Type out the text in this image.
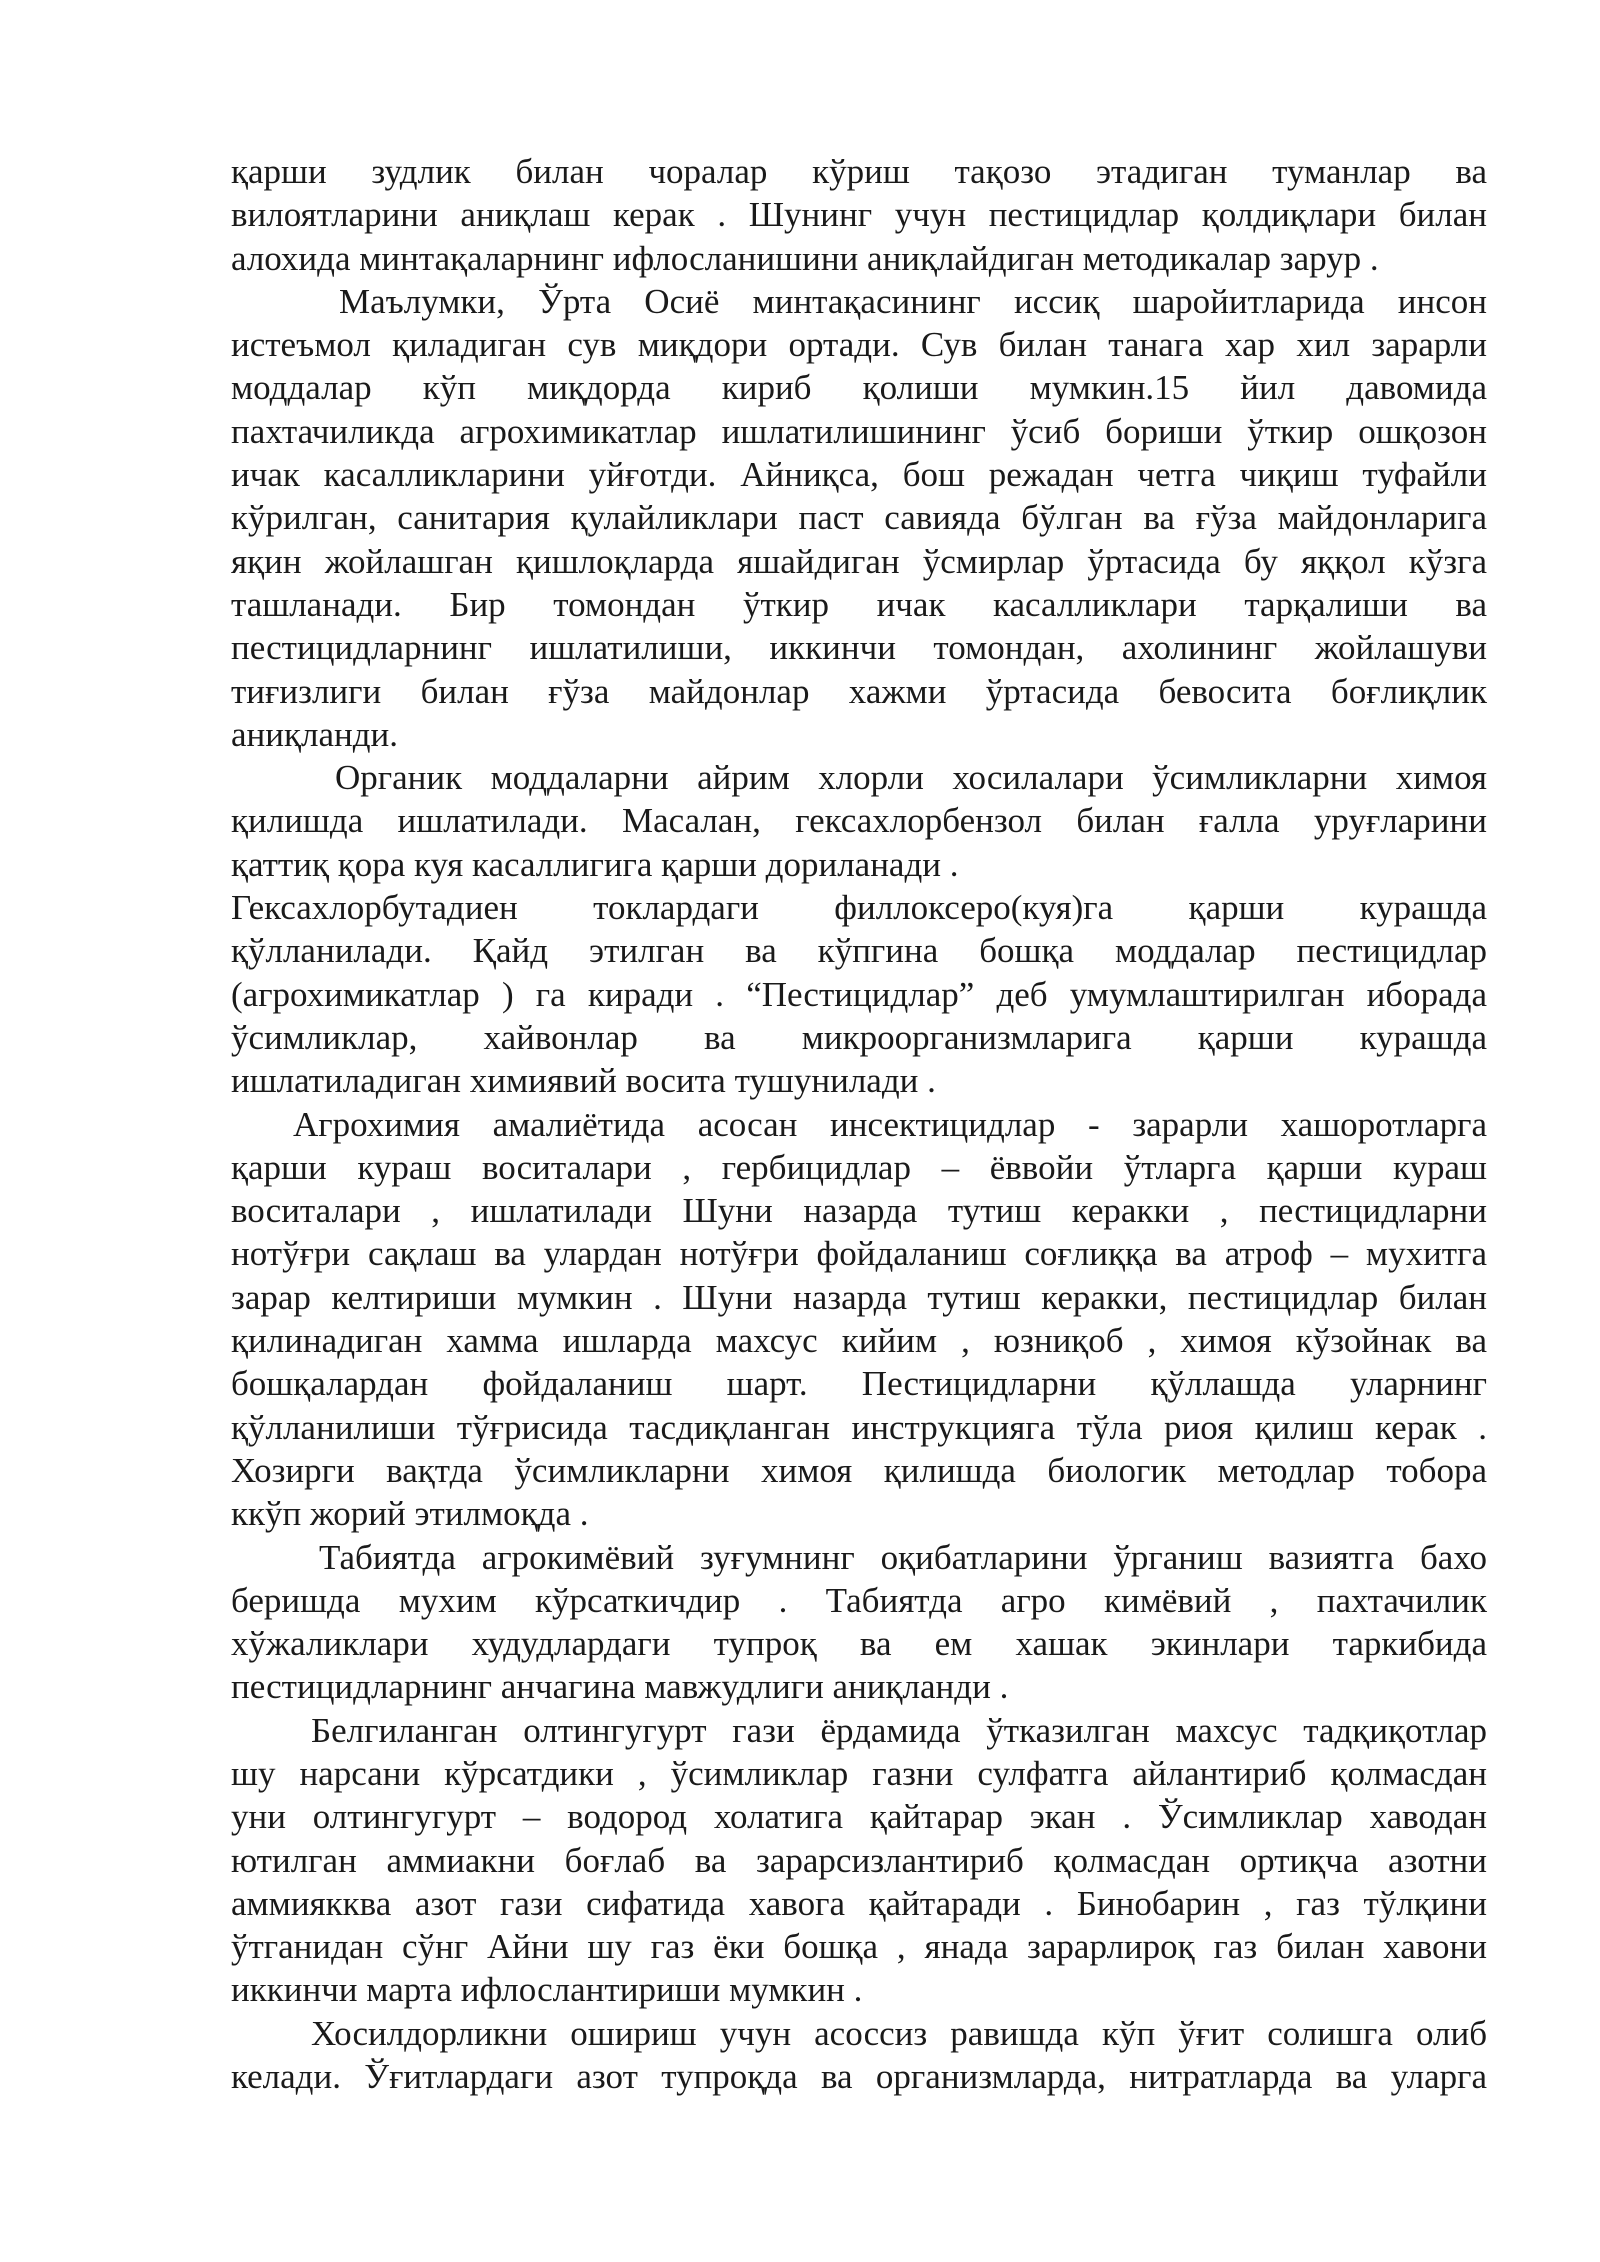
қарши зудлик билан чоралар кўриш тақозо этадиган туманлар ва
вилоятларини аниқлаш керак . Шунинг учун пестицидлар қолдиқлари билан
алохида минтақаларнинг ифлосланишини аниқлайдиган методикалар зарур .
Маълумки, Ўрта Осиё минтақасининг иссиқ шаройитларида инсон
истеъмол қиладиган сув миқдори ортади. Сув билан танага хар хил зарарли
моддалар кўп миқдорда кириб қолиши мумкин.15 йил давомида
пахтачиликда агрохимикатлар ишлатилишининг ўсиб бориши ўткир ошқозон
ичак касалликларини уйғотди. Айниқса, бош режадан четга чиқиш туфайли
кўрилган, санитария қулайликлари паст савияда бўлган ва ғўза майдонларига
яқин жойлашган қишлоқларда яшайдиган ўсмирлар ўртасида бу яққол кўзга
ташланади. Бир томондан ўткир ичак касалликлари тарқалиши ва
пестицидларнинг ишлатилиши, иккинчи томондан, ахолининг жойлашуви
тиғизлиги билан ғўза майдонлар хажми ўртасида бевосита боғлиқлик
аниқланди.
Органик моддаларни айрим хлорли хосилалари ўсимликларни химоя
қилишда ишлатилади. Масалан, гексахлорбензол билан ғалла уруғларини
қаттиқ қора куя касаллигига қарши дориланади .
Гексахлорбутадиен токлардаги филлоксеро(куя)га қарши курашда
қўлланилади. Қайд этилган ва кўпгина бошқа моддалар пестицидлар
(агрохимикатлар ) га киради . “Пестицидлар” деб умумлаштирилган иборада
ўсимликлар, хайвонлар ва микроорганизмларига қарши курашда
ишлатиладиган химиявий восита тушунилади .
Агрохимия амалиётида асосан инсектицидлар - зарарли хашоротларга
қарши кураш воситалари , гербицидлар – ёввойи ўтларга қарши кураш
воситалари , ишлатилади Шуни назарда тутиш керакки , пестицидларни
нотўғри сақлаш ва улардан нотўғри фойдаланиш соғлиққа ва атроф – мухитга
зарар келтириши мумкин . Шуни назарда тутиш керакки, пестицидлар билан
қилинадиган хамма ишларда махсус кийим , юзниқоб , химоя кўзойнак ва
бошқалардан фойдаланиш шарт. Пестицидларни қўллашда уларнинг
қўлланилиши тўғрисида тасдиқланган инструкцияга тўла риоя қилиш керак .
Хозирги вақтда ўсимликларни химоя қилишда биологик методлар тобора
ккўп жорий этилмоқда .
Табиятда агрокимёвий зуғумнинг оқибатларини ўрганиш вазиятга бахо
беришда мухим кўрсаткичдир . Табиятда агро кимёвий , пахтачилик
хўжаликлари худудлардаги тупроқ ва ем хашак экинлари таркибида
пестицидларнинг анчагина мавжудлиги аниқланди .
Белгиланган олтингугурт гази ёрдамида ўтказилган махсус тадқиқотлар
шу нарсани кўрсатдики , ўсимликлар газни сулфатга айлантириб қолмасдан
уни олтингугурт – водород холатига қайтарар экан . Ўсимликлар хаводан
ютилган аммиакни боғлаб ва зарарсизлантириб қолмасдан ортиқча азотни
аммиякква азот гази сифатида хавога қайтаради . Бинобарин , газ тўлқини
ўтганидан сўнг Айни шу газ ёки бошқа , янада зарарлироқ газ билан хавони
иккинчи марта ифлослантириши мумкин .
Хосилдорликни ошириш учун асоссиз равишда кўп ўғит солишга олиб
келади. Ўғитлардаги азот тупроқда ва организмларда, нитратларда ва уларга
